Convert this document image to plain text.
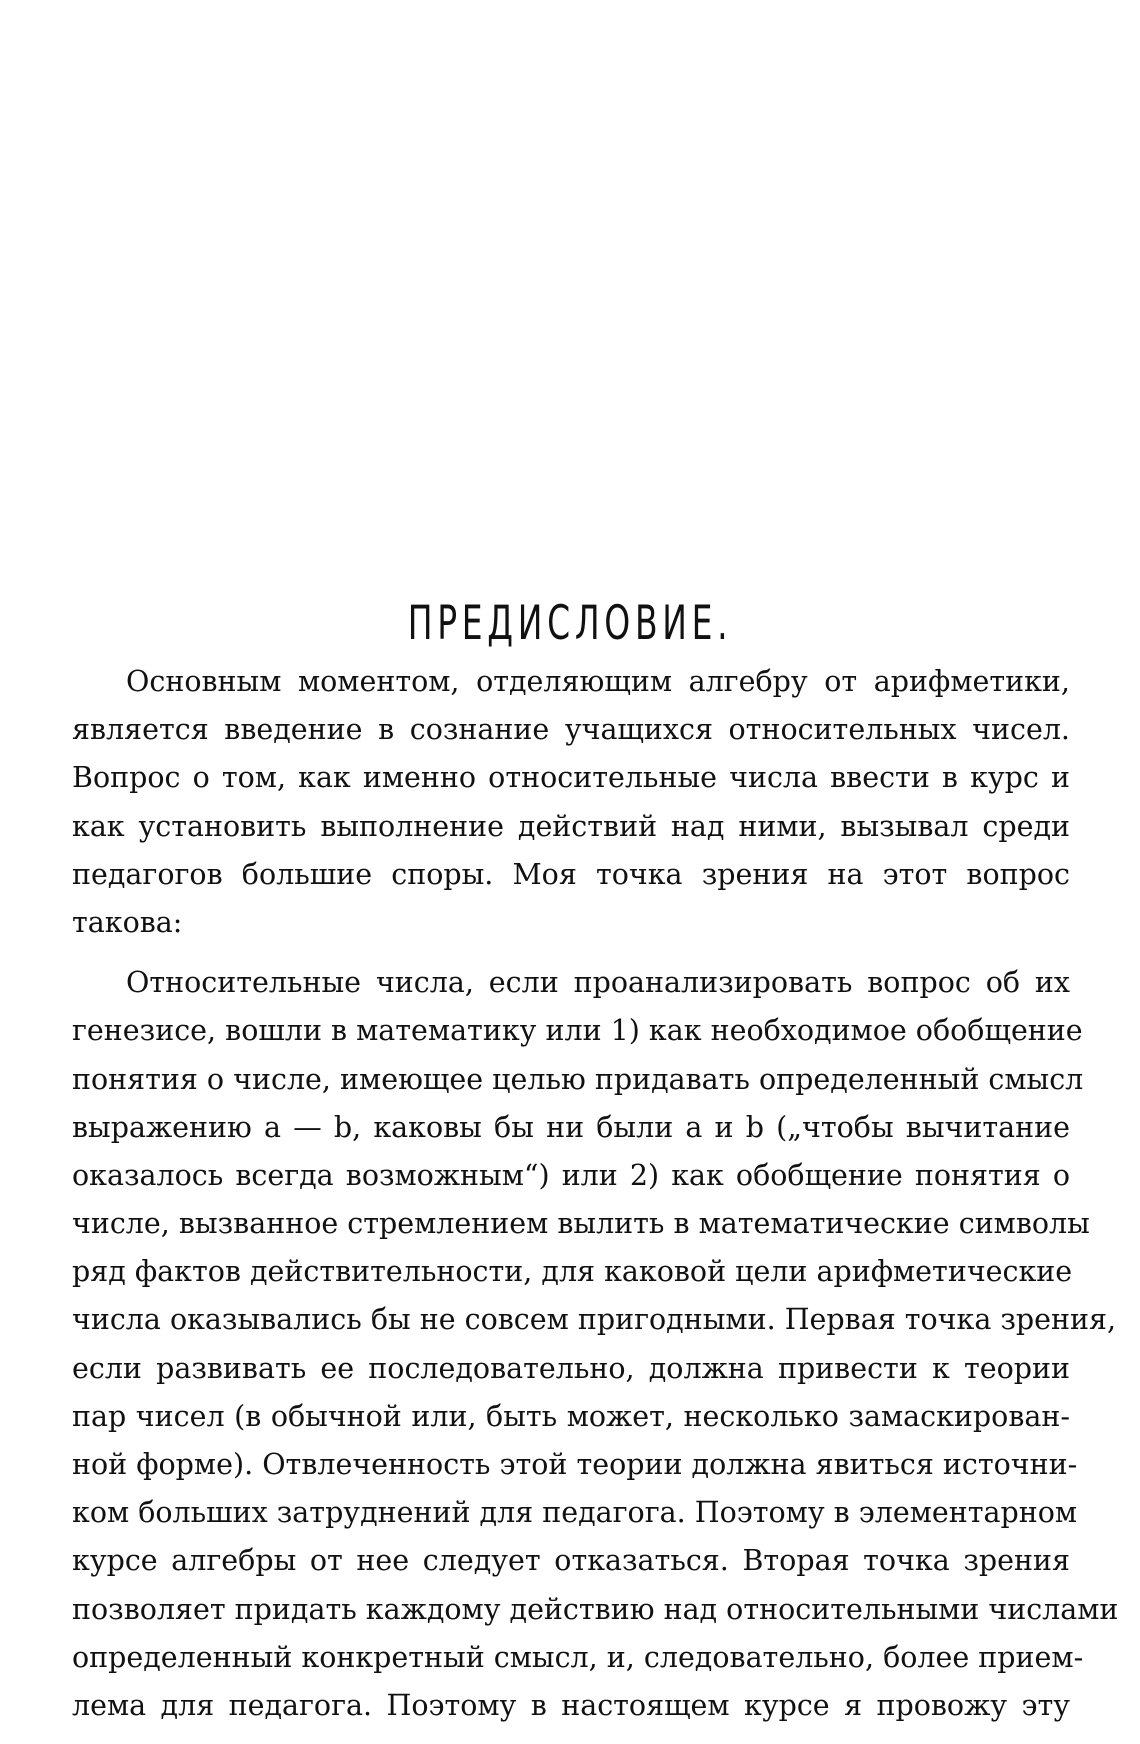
ПРЕДИСЛОВИЕ.
Основным моментом, отделяющим алгебру от арифметики,
является введение в сознание учащихся относительных чисел.
Вопрос о том, как именно относительные числа ввести в курс и
как установить выполнение действий над ними, вызывал среди
педагогов большие споры. Моя точка зрения на этот вопрос
такова:
Относительные числа, если проанализировать вопрос об их
генезисе, вошли в математику или 1) как необходимое обобщение
понятия о числе, имеющее целью придавать определенный смысл
выражению a — b, каковы бы ни были a и b („чтобы вычитание
оказалось всегда возможным“) или 2) как обобщение понятия о
числе, вызванное стремлением вылить в математические символы
ряд фактов действительности, для каковой цели арифметические
числа оказывались бы не совсем пригодными. Первая точка зрения,
если развивать ее последовательно, должна привести к теории
пар чисел (в обычной или, быть может, несколько замаскирован-
ной форме). Отвлеченность этой теории должна явиться источни-
ком больших затруднений для педагога. Поэтому в элементарном
курсе алгебры от нее следует отказаться. Вторая точка зрения
позволяет придать каждому действию над относительными числами
определенный конкретный смысл, и, следовательно, более прием-
лема для педагога. Поэтому в настоящем курсе я провожу эту
